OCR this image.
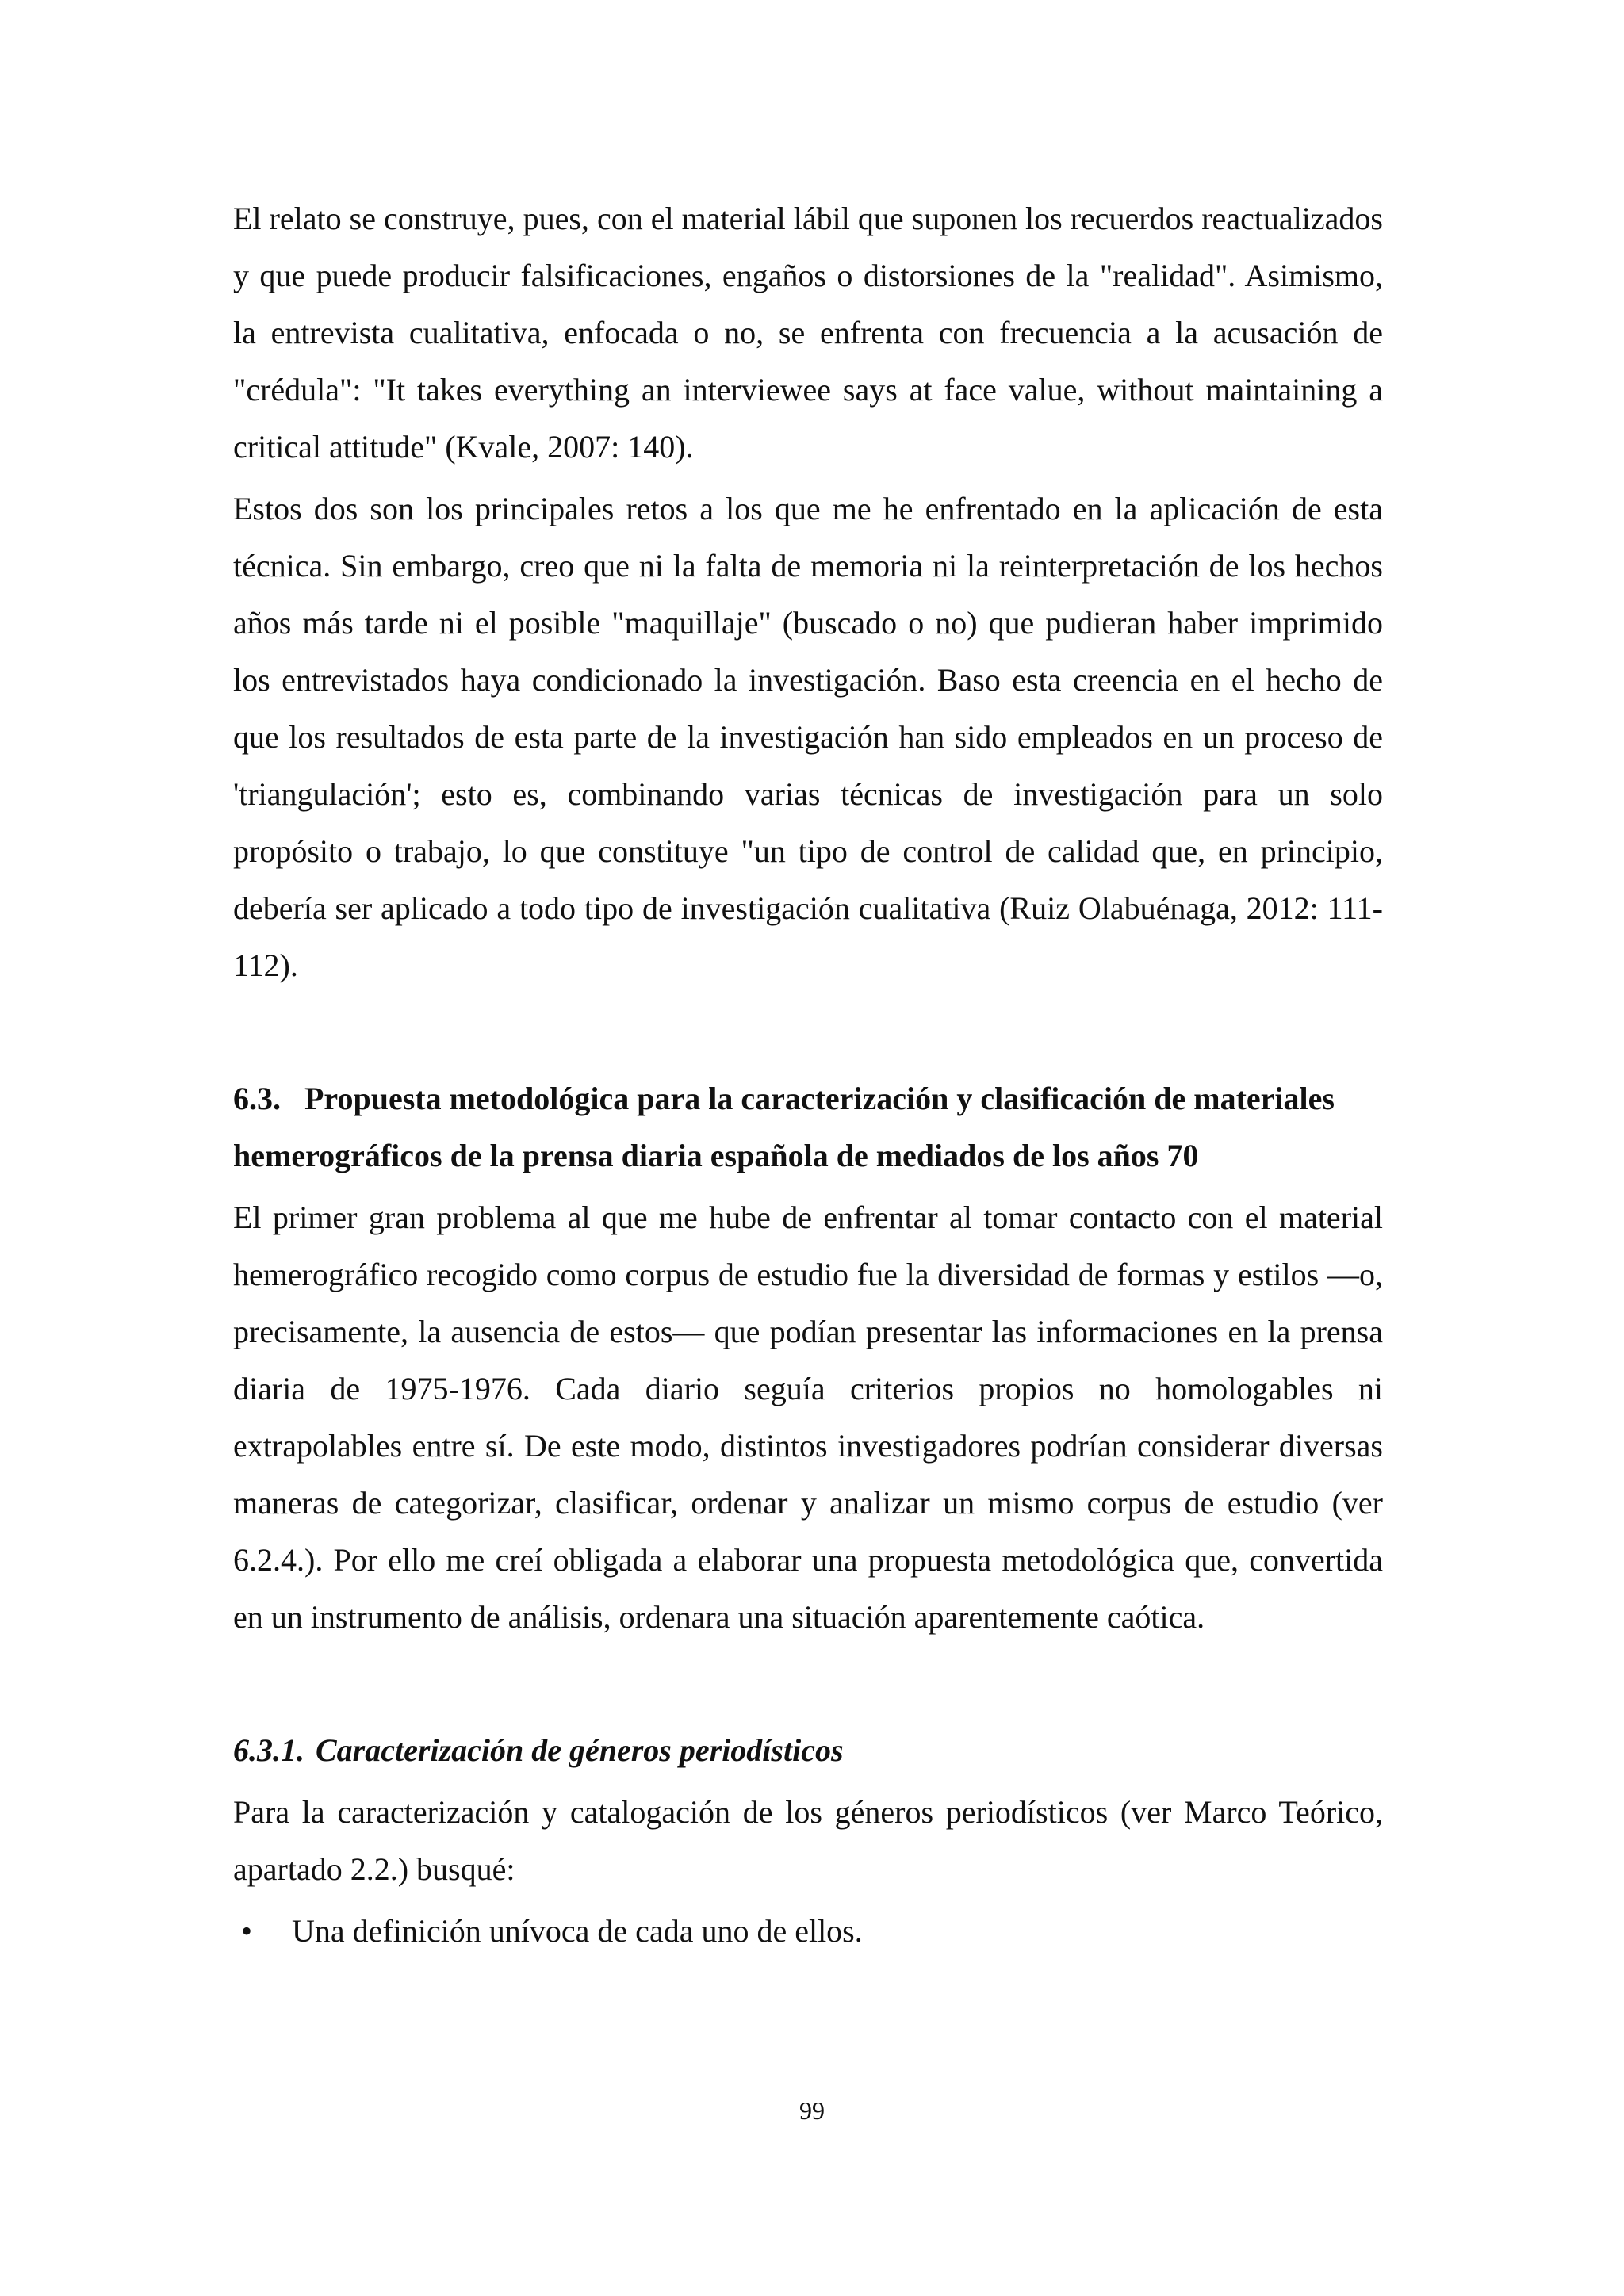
El relato se construye, pues, con el material lábil que suponen los recuerdos reactualizados y que puede producir falsificaciones, engaños o distorsiones de la "realidad". Asimismo, la entrevista cualitativa, enfocada o no, se enfrenta con frecuencia a la acusación de "crédula": "It takes everything an interviewee says at face value, without maintaining a critical attitude" (Kvale, 2007: 140).

Estos dos son los principales retos a los que me he enfrentado en la aplicación de esta técnica. Sin embargo, creo que ni la falta de memoria ni la reinterpretación de los hechos años más tarde ni el posible "maquillaje" (buscado o no) que pudieran haber imprimido los entrevistados haya condicionado la investigación. Baso esta creencia en el hecho de que los resultados de esta parte de la investigación han sido empleados en un proceso de 'triangulación'; esto es, combinando varias técnicas de investigación para un solo propósito o trabajo, lo que constituye "un tipo de control de calidad que, en principio, debería ser aplicado a todo tipo de investigación cualitativa (Ruiz Olabuénaga, 2012: 111-112).

6.3. Propuesta metodológica para la caracterización y clasificación de materiales hemerográficos de la prensa diaria española de mediados de los años 70

El primer gran problema al que me hube de enfrentar al tomar contacto con el material hemerográfico recogido como corpus de estudio fue la diversidad de formas y estilos —o, precisamente, la ausencia de estos— que podían presentar las informaciones en la prensa diaria de 1975-1976. Cada diario seguía criterios propios no homologables ni extrapolables entre sí. De este modo, distintos investigadores podrían considerar diversas maneras de categorizar, clasificar, ordenar y analizar un mismo corpus de estudio (ver 6.2.4.). Por ello me creí obligada a elaborar una propuesta metodológica que, convertida en un instrumento de análisis, ordenara una situación aparentemente caótica.

6.3.1. Caracterización de géneros periodísticos

Para la caracterización y catalogación de los géneros periodísticos (ver Marco Teórico, apartado 2.2.) busqué:

•	Una definición unívoca de cada uno de ellos.
99
